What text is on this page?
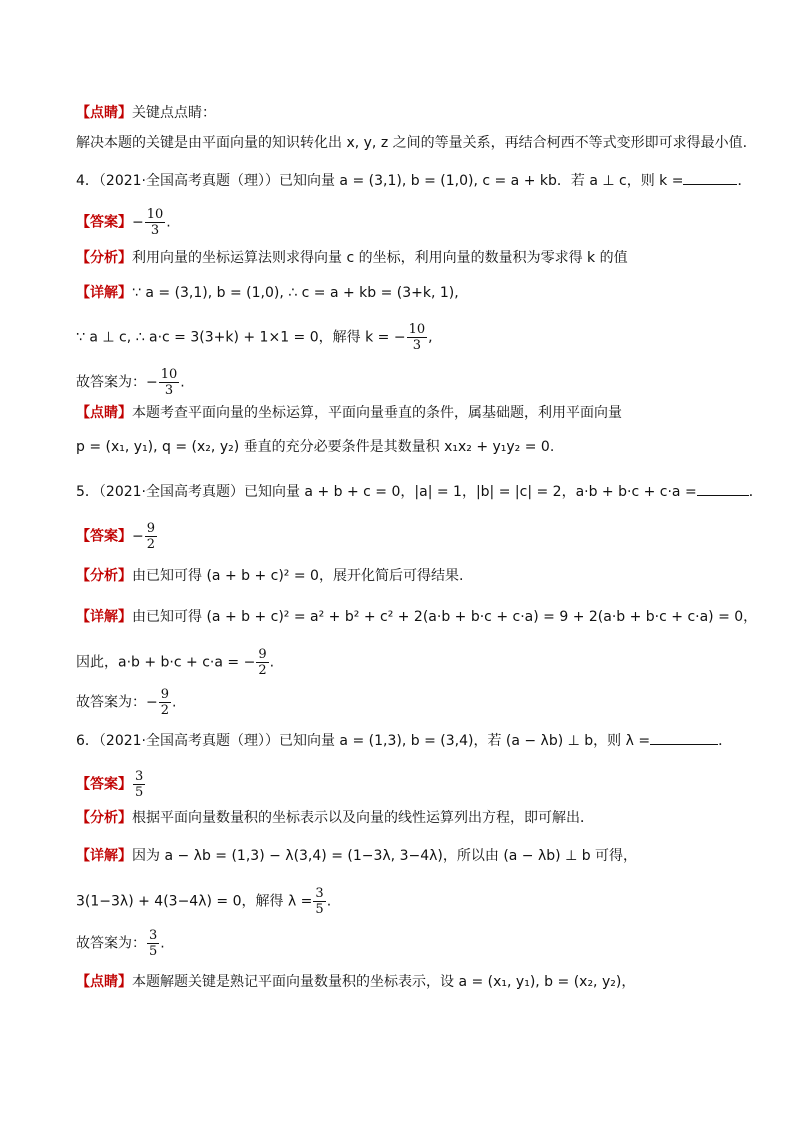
【点睛】关键点点睛：
解决本题的关键是由平面向量的知识转化出 x, y, z 之间的等量关系，再结合柯西不等式变形即可求得最小值.
4．（2021·全国高考真题（理））已知向量 a = (3,1), b = (1,0), c = a + kb．若 a ⊥ c，则 k =	．
【答案】− $\frac{10}{3}$ .
【分析】利用向量的坐标运算法则求得向量 c 的坐标，利用向量的数量积为零求得 k 的值
【详解】∵ a = (3,1), b = (1,0), ∴ c = a + kb = (3+k, 1),
∵ a ⊥ c, ∴ a·c = 3(3+k) + 1×1 = 0，解得 k = − $\frac{10}{3}$ ,
故答案为：− $\frac{10}{3}$ .
【点睛】本题考查平面向量的坐标运算，平面向量垂直的条件，属基础题，利用平面向量
p = (x₁, y₁), q = (x₂, y₂) 垂直的充分必要条件是其数量积 x₁x₂ + y₁y₂ = 0.
5．（2021·全国高考真题）已知向量 a + b + c = 0，|a| = 1，|b| = |c| = 2，a·b + b·c + c·a =	．
【答案】− $\frac{9}{2}$
【分析】由已知可得 (a + b + c)² = 0，展开化简后可得结果.
【详解】由已知可得 (a + b + c)² = a² + b² + c² + 2(a·b + b·c + c·a) = 9 + 2(a·b + b·c + c·a) = 0，
因此，a·b + b·c + c·a = − $\frac{9}{2}$ .
故答案为：− $\frac{9}{2}$ .
6．（2021·全国高考真题（理））已知向量 a = (1,3), b = (3,4)，若 (a − λb) ⊥ b，则 λ =	．
【答案】 $\frac{3}{5}$
【分析】根据平面向量数量积的坐标表示以及向量的线性运算列出方程，即可解出．
【详解】因为 a − λb = (1,3) − λ(3,4) = (1−3λ, 3−4λ)，所以由 (a − λb) ⊥ b 可得，
3(1−3λ) + 4(3−4λ) = 0，解得 $\lambda = \frac{3}{5}$ .
故答案为： $\frac{3}{5}$ .
【点睛】本题解题关键是熟记平面向量数量积的坐标表示，设 a = (x₁, y₁), b = (x₂, y₂)，
